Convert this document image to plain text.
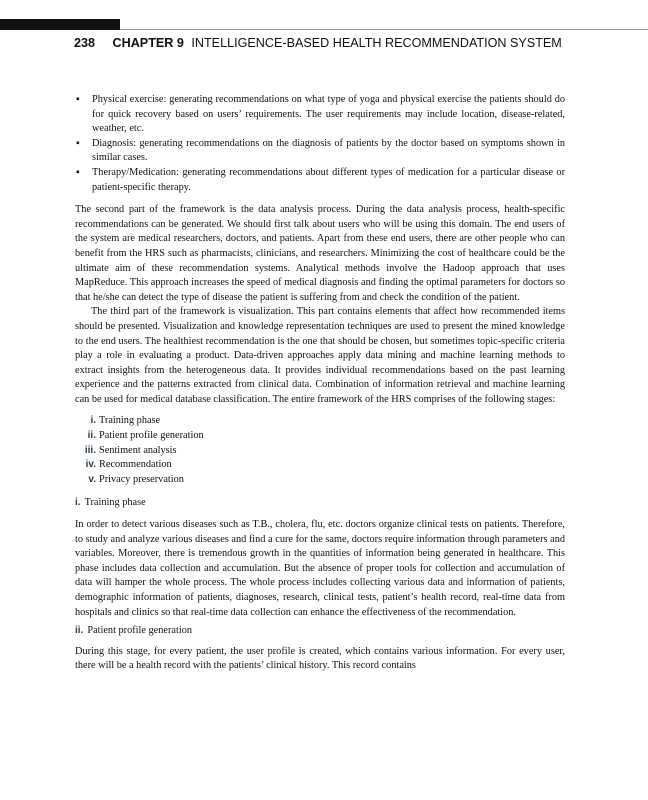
238 CHAPTER 9 INTELLIGENCE-BASED HEALTH RECOMMENDATION SYSTEM
▪ Physical exercise: generating recommendations on what type of yoga and physical exercise the patients should do for quick recovery based on users’ requirements. The user requirements may include location, disease-related, weather, etc.
▪ Diagnosis: generating recommendations on the diagnosis of patients by the doctor based on symptoms shown in similar cases.
▪ Therapy/Medication: generating recommendations about different types of medication for a particular disease or patient-specific therapy.

The second part of the framework is the data analysis process. During the data analysis process, health-specific recommendations can be generated. We should first talk about users who will be using this domain. The end users of the system are medical researchers, doctors, and patients. Apart from these end users, there are other people who can benefit from the HRS such as pharmacists, clinicians, and researchers. Minimizing the cost of healthcare could be the ultimate aim of these recommendation systems. Analytical methods involve the Hadoop approach that uses MapReduce. This approach increases the speed of medical diagnosis and finding the optimal parameters for doctors so that he/she can detect the type of disease the patient is suffering from and check the condition of the patient.

The third part of the framework is visualization. This part contains elements that affect how recommended items should be presented. Visualization and knowledge representation techniques are used to present the mined knowledge to the end users. The healthiest recommendation is the one that should be chosen, but sometimes topic-specific criteria play a role in evaluating a product. Data-driven approaches apply data mining and machine learning methods to extract insights from the heterogeneous data. It provides individual recommendations based on the past learning experience and the patterns extracted from clinical data. Combination of information retrieval and machine learning can be used for medical database classification. The entire framework of the HRS comprises of the following stages:

i. Training phase
ii. Patient profile generation
iii. Sentiment analysis
iv. Recommendation
v. Privacy preservation
i. Training phase

In order to detect various diseases such as T.B., cholera, flu, etc. doctors organize clinical tests on patients. Therefore, to study and analyze various diseases and find a cure for the same, doctors require information through parameters and variables. Moreover, there is tremendous growth in the quantities of information being generated in healthcare. This phase includes data collection and accumulation. But the absence of proper tools for collection and accumulation of data will hamper the whole process. The whole process includes collecting various data and information of patients, demographic information of patients, diagnoses, research, clinical tests, patient’s health record, real-time data from hospitals and clinics so that real-time data collection can enhance the effectiveness of the recommendation.

ii. Patient profile generation

During this stage, for every patient, the user profile is created, which contains various information. For every user, there will be a health record with the patients’ clinical history. This record contains
